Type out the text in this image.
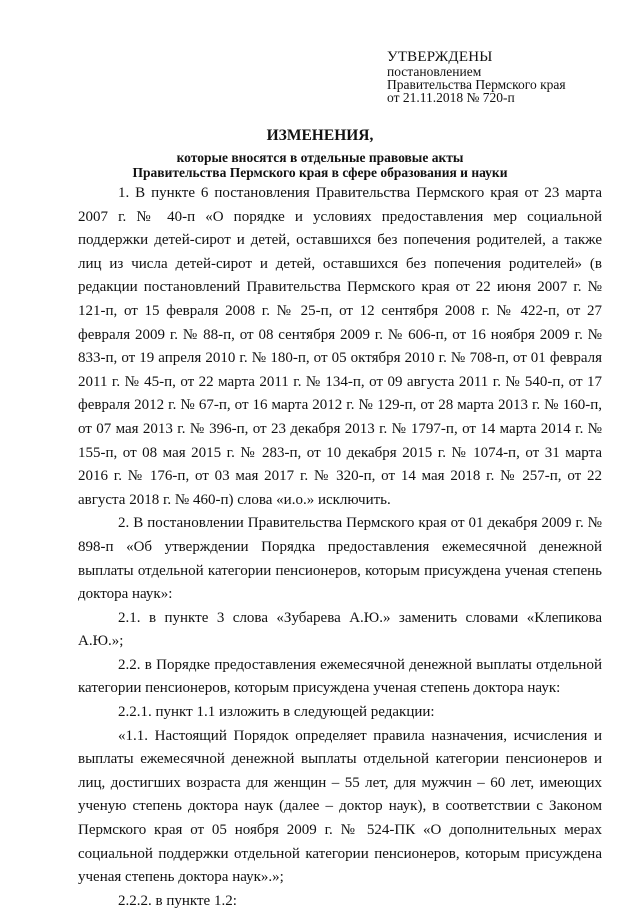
УТВЕРЖДЕНЫ
постановлением
Правительства Пермского края
от 21.11.2018 № 720-п
ИЗМЕНЕНИЯ,
которые вносятся в отдельные правовые акты
Правительства Пермского края в сфере образования и науки

1. В пункте 6 постановления Правительства Пермского края от 23 марта 2007 г. № 40-п «О порядке и условиях предоставления мер социальной поддержки детей-сирот и детей, оставшихся без попечения родителей, а также лиц из числа детей-сирот и детей, оставшихся без попечения родителей» (в редакции постановлений Правительства Пермского края от 22 июня 2007 г. № 121-п, от 15 февраля 2008 г. № 25-п, от 12 сентября 2008 г. № 422-п, от 27 февраля 2009 г. № 88-п, от 08 сентября 2009 г. № 606-п, от 16 ноября 2009 г. № 833-п, от 19 апреля 2010 г. № 180-п, от 05 октября 2010 г. № 708-п, от 01 февраля 2011 г. № 45-п, от 22 марта 2011 г. № 134-п, от 09 августа 2011 г. № 540-п, от 17 февраля 2012 г. № 67-п, от 16 марта 2012 г. № 129-п, от 28 марта 2013 г. № 160-п, от 07 мая 2013 г. № 396-п, от 23 декабря 2013 г. № 1797-п, от 14 марта 2014 г. № 155-п, от 08 мая 2015 г. № 283-п, от 10 декабря 2015 г. № 1074-п, от 31 марта 2016 г. № 176-п, от 03 мая 2017 г. № 320-п, от 14 мая 2018 г. № 257-п, от 22 августа 2018 г. № 460-п) слова «и.о.» исключить.

2. В постановлении Правительства Пермского края от 01 декабря 2009 г. № 898-п «Об утверждении Порядка предоставления ежемесячной денежной выплаты отдельной категории пенсионеров, которым присуждена ученая степень доктора наук»:

2.1. в пункте 3 слова «Зубарева А.Ю.» заменить словами «Клепикова А.Ю.»;

2.2. в Порядке предоставления ежемесячной денежной выплаты отдельной категории пенсионеров, которым присуждена ученая степень доктора наук:

2.2.1. пункт 1.1 изложить в следующей редакции:

«1.1. Настоящий Порядок определяет правила назначения, исчисления и выплаты ежемесячной денежной выплаты отдельной категории пенсионеров и лиц, достигших возраста для женщин – 55 лет, для мужчин – 60 лет, имеющих ученую степень доктора наук (далее – доктор наук), в соответствии с Законом Пермского края от 05 ноября 2009 г. № 524-ПК «О дополнительных мерах социальной поддержки отдельной категории пенсионеров, которым присуждена ученая степень доктора наук».»;

2.2.2. в пункте 1.2:
